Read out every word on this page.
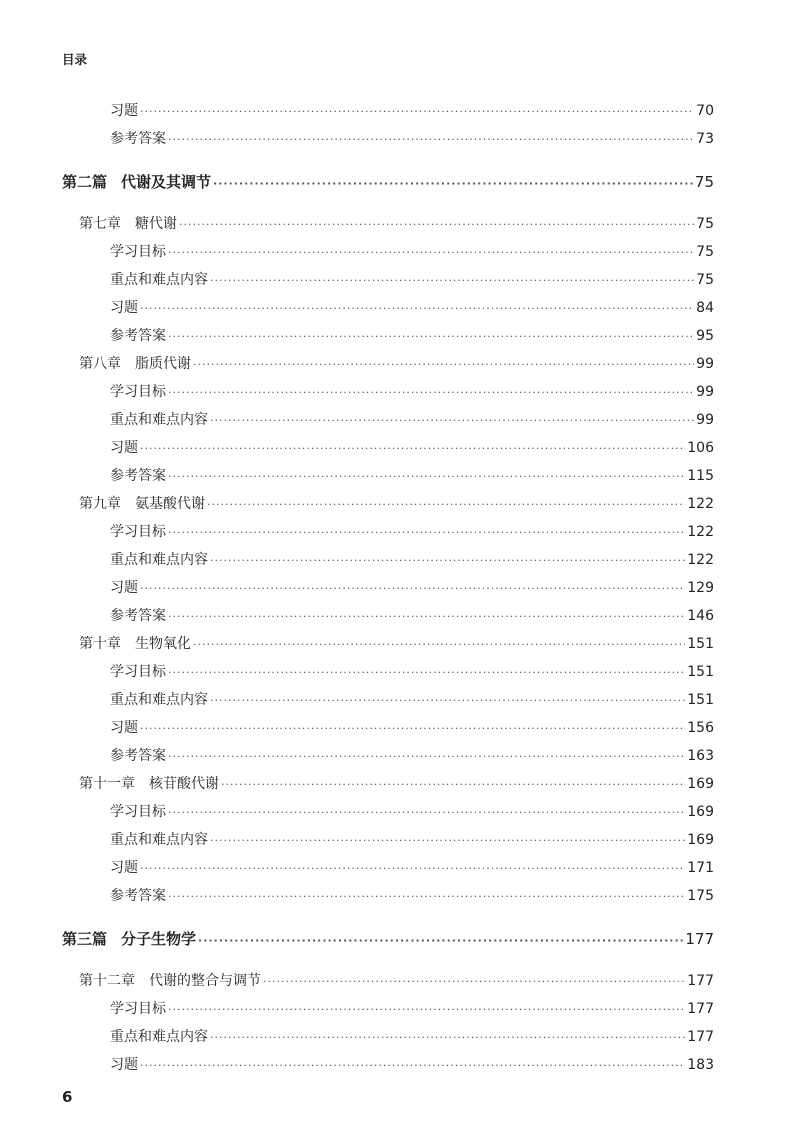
目录
习题 ·····	70
参考答案 ·····	73
第二篇 代谢及其调节 ·····	75
第七章 糖代谢 ·····	75
学习目标 ·····	75
重点和难点内容 ·····	75
习题 ·····	84
参考答案 ·····	95
第八章 脂质代谢 ·····	99
学习目标 ·····	99
重点和难点内容 ·····	99
习题 ·····	106
参考答案 ·····	115
第九章 氨基酸代谢 ·····	122
学习目标 ·····	122
重点和难点内容 ·····	122
习题 ·····	129
参考答案 ·····	146
第十章 生物氧化 ·····	151
学习目标 ·····	151
重点和难点内容 ·····	151
习题 ·····	156
参考答案 ·····	163
第十一章 核苷酸代谢 ·····	169
学习目标 ·····	169
重点和难点内容 ·····	169
习题 ·····	171
参考答案 ·····	175
第三篇 分子生物学 ·····	177
第十二章 代谢的整合与调节 ·····	177
学习目标 ·····	177
重点和难点内容 ·····	177
习题 ·····	183
6
